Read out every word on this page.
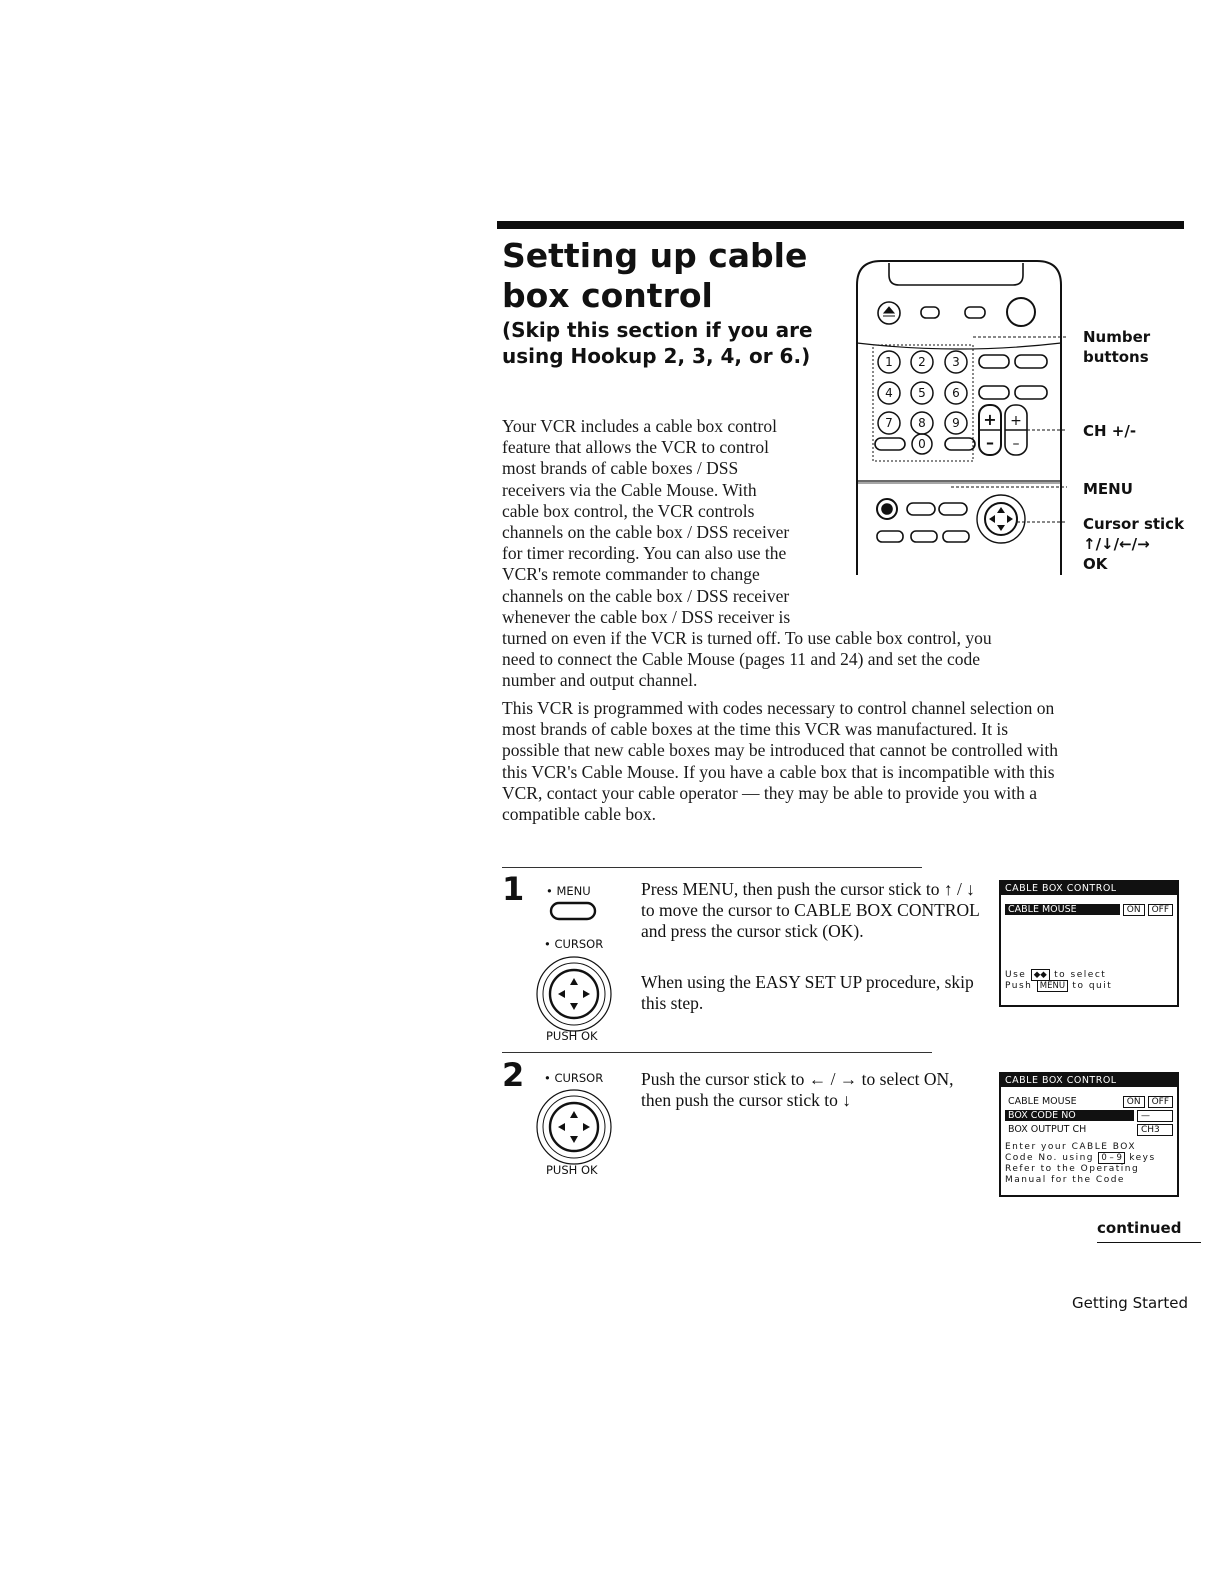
Setting up cable
box control
(Skip this section if you are
using Hookup 2, 3, 4, or 6.)
Your VCR includes a cable box control
feature that allows the VCR to control
most brands of cable boxes / DSS
receivers via the Cable Mouse. With
cable box control, the VCR controls
channels on the cable box / DSS receiver
for timer recording. You can also use the
VCR's remote commander to change
channels on the cable box / DSS receiver
whenever the cable box / DSS receiver is
turned on even if the VCR is turned off. To use cable box control, you
need to connect the Cable Mouse (pages 11 and 24) and set the code
number and output channel.

This VCR is programmed with codes necessary to control channel selection on most brands of cable boxes at the time this VCR was manufactured. It is possible that new cable boxes may be introduced that cannot be controlled with this VCR's Cable Mouse. If you have a cable box that is incompatible with this VCR, contact your cable operator — they may be able to provide you with a compatible cable box.

1 2 3
4 5 6
7 8 9
0
+
–
+
–
Number
buttons
CH +/-
MENU
Cursor stick
↑/↓/←/→
OK
1 • MENU
• CURSOR
PUSH OK

Press MENU, then push the cursor stick to ↑ / ↓ to move the cursor to CABLE BOX CONTROL and press the cursor stick (OK).

When using the EASY SET UP procedure, skip this step.

CABLE BOX CONTROL
CABLE MOUSE	ON	OFF
Use ◆◆ to select
Push MENU to quit
2 • CURSOR
PUSH OK

Push the cursor stick to ← / → to select ON, then push the cursor stick to ↓

CABLE BOX CONTROL
CABLE MOUSE	ON	OFF
BOX CODE NO	—
BOX OUTPUT CH	CH3
Enter your CABLE BOX
Code No. using 0 – 9 keys
Refer to the Operating
Manual for the Code
continued
Getting Started
